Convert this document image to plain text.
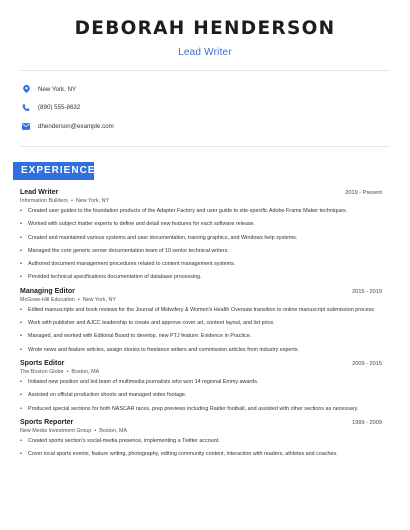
DEBORAH HENDERSON
Lead Writer
New York, NY
(890) 555-8632
dhenderson@example.com
EXPERIENCE
Lead Writer	2019 - Present
Information Builders • New York, NY
• Created user guides to the foundation products of the Adapter Factory and user guide to site-specific Adobe Frame Maker techniques.
• Worked with subject matter experts to define and detail new features for each software release.
• Created and maintained various systems and user documentation, training graphics, and Windows help systems.
• Managed the core generic server documentation team of 10 senior technical writers.
• Authored document management procedures related to content management systems.
• Provided technical specifications documentation of database processing.
Managing Editor	2015 - 2019
McGraw-Hill Education • New York, NY
• Edited manuscripts and book reviews for the Journal of Midwifery & Women's Health Oversaw transition to online manuscript submission process
• Work with publisher and AJCC leadership to create and approve cover art, content layout, and list price.
• Managed, and worked with Editorial Board to develop, new PTJ feature: Evidence in Practice.
• Wrote news and feature articles, assign stories to freelance writers and commission articles from industry experts.
Sports Editor	2009 - 2015
The Boston Globe • Boston, MA
• Initiated new position and led team of multimedia journalists who won 14 regional Emmy awards.
• Assisted on official production shoots and managed video footage.
• Produced special sections for both NASCAR races, prep previews including Raider football, and assisted with other sections as necessary.
Sports Reporter	1999 - 2009
New Media Investment Group • Boston, MA
• Created sports section's social-media presence, implementing a Twitter account.
• Cover local sports events, feature writing, photography, editing community content, interaction with readers, athletes and coaches.
